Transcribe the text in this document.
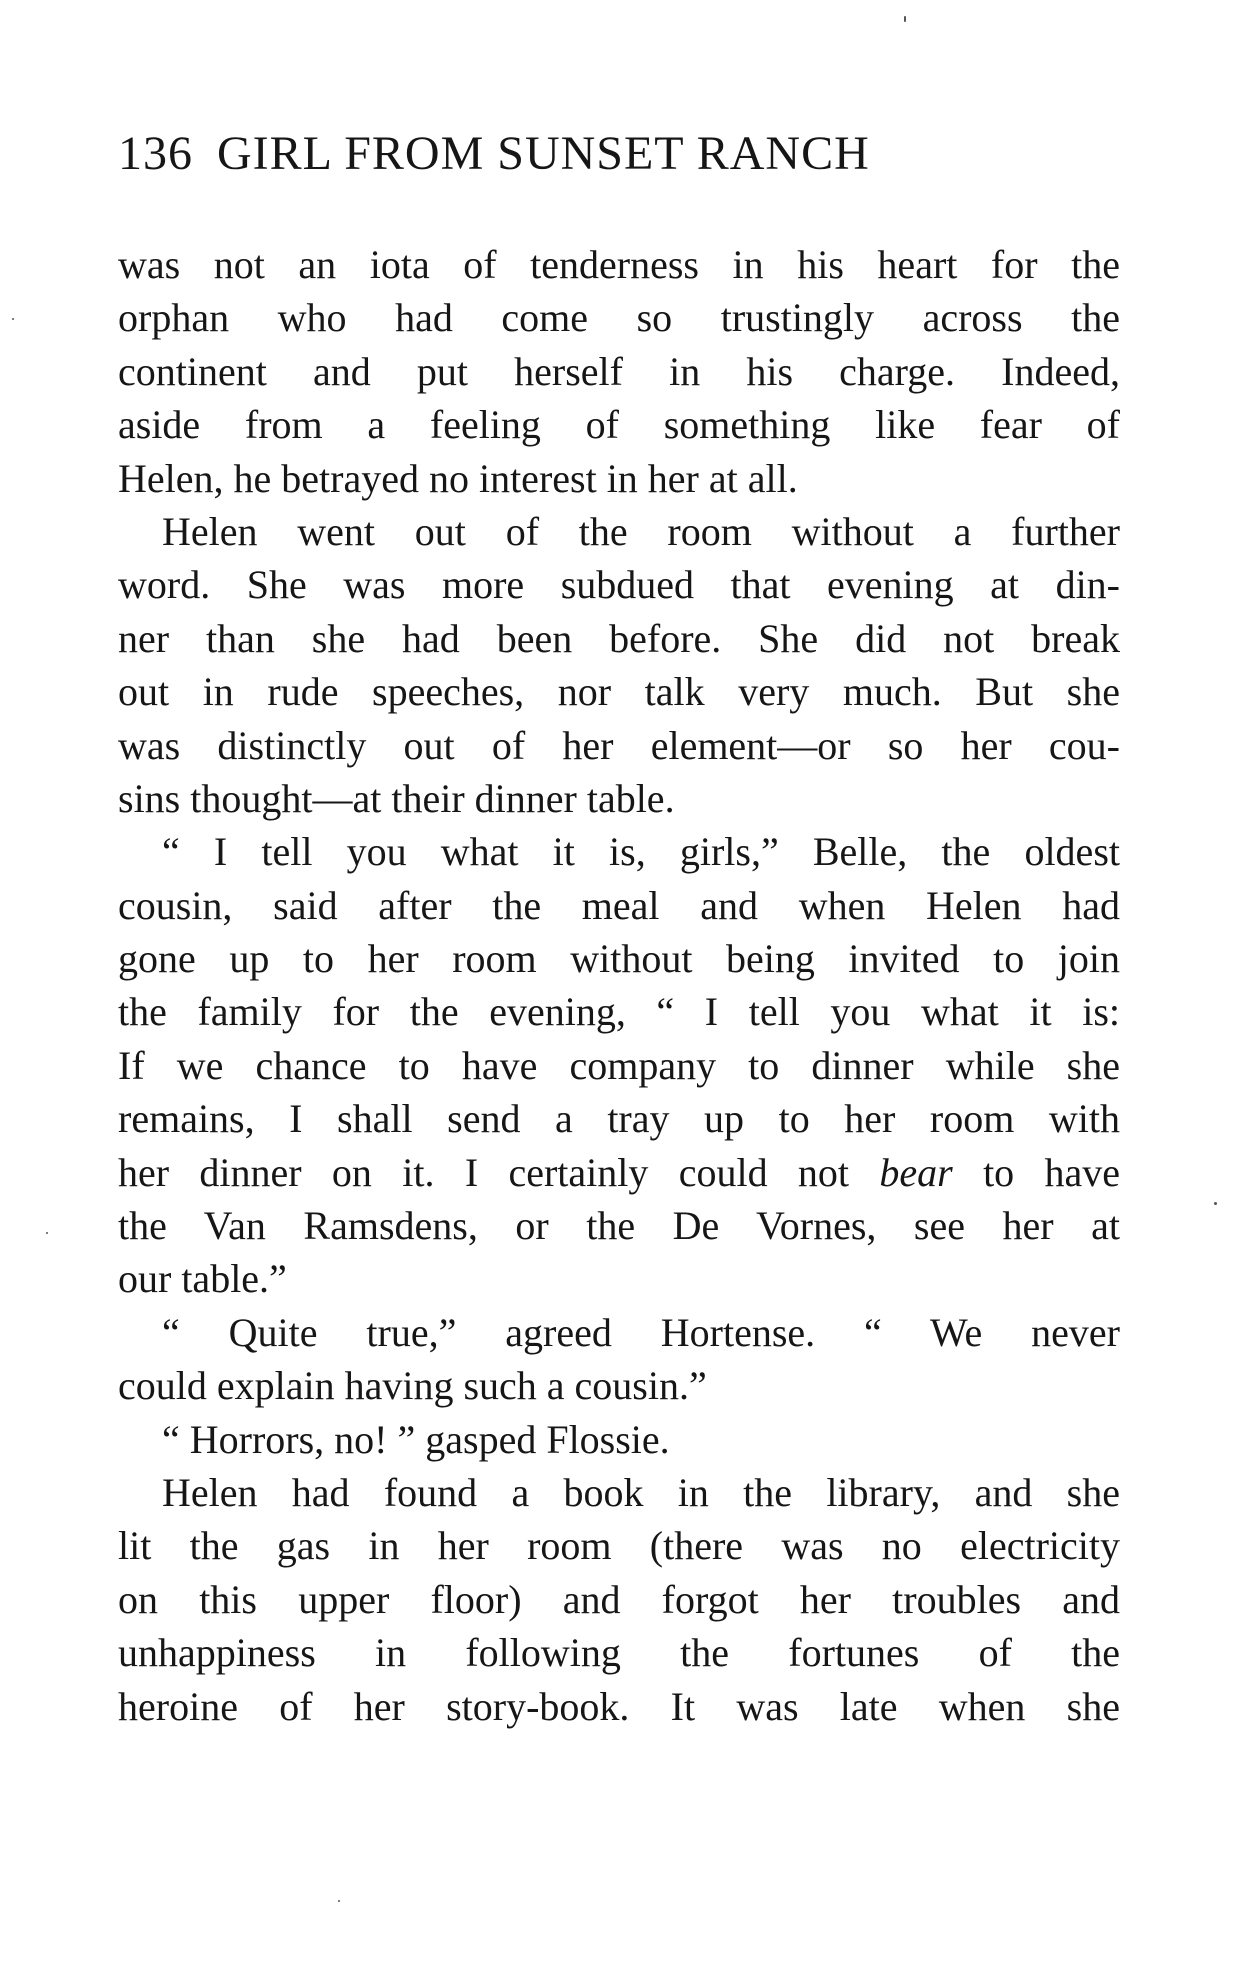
136 GIRL FROM SUNSET RANCH
was not an iota of tenderness in his heart for the
orphan who had come so trustingly across the
continent and put herself in his charge. Indeed,
aside from a feeling of something like fear of
Helen, he betrayed no interest in her at all.
Helen went out of the room without a further
word. She was more subdued that evening at din-
ner than she had been before. She did not break
out in rude speeches, nor talk very much. But she
was distinctly out of her element—or so her cou-
sins thought—at their dinner table.
“ I tell you what it is, girls,” Belle, the oldest
cousin, said after the meal and when Helen had
gone up to her room without being invited to join
the family for the evening, “ I tell you what it is:
If we chance to have company to dinner while she
remains, I shall send a tray up to her room with
her dinner on it. I certainly could not bear to have
the Van Ramsdens, or the De Vornes, see her at
our table.”
“ Quite true,” agreed Hortense. “ We never
could explain having such a cousin.”
“ Horrors, no! ” gasped Flossie.
Helen had found a book in the library, and she
lit the gas in her room (there was no electricity
on this upper floor) and forgot her troubles and
unhappiness in following the fortunes of the
heroine of her story-book. It was late when she
